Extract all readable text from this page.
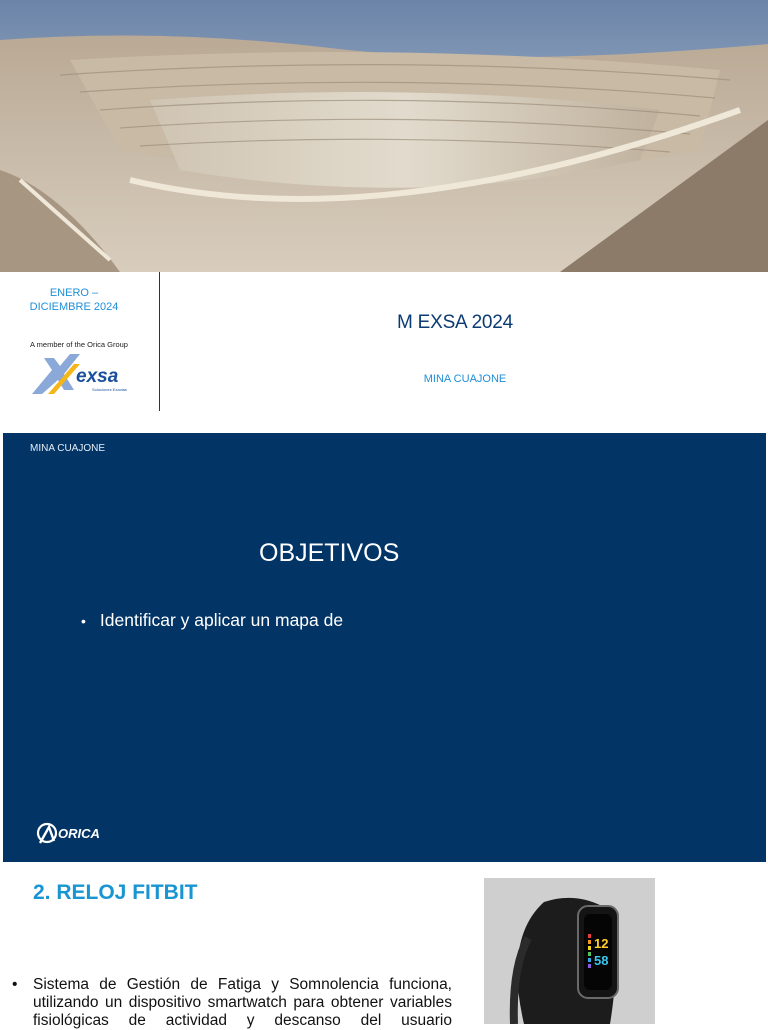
ENERO – DICIEMBRE 2024
A member of the Orica Group
exsa
Soluciones Exactas
M EXSA 2024
MINA CUAJONE
MINA CUAJONE
OBJETIVOS
• Identificar y aplicar un mapa de
ORICA
2. RELOJ FITBIT
•	Sistema de Gestión de Fatiga y Somnolencia funciona, utilizando un dispositivo smartwatch para obtener variables fisiológicas de actividad y descanso del usuario
12
58
